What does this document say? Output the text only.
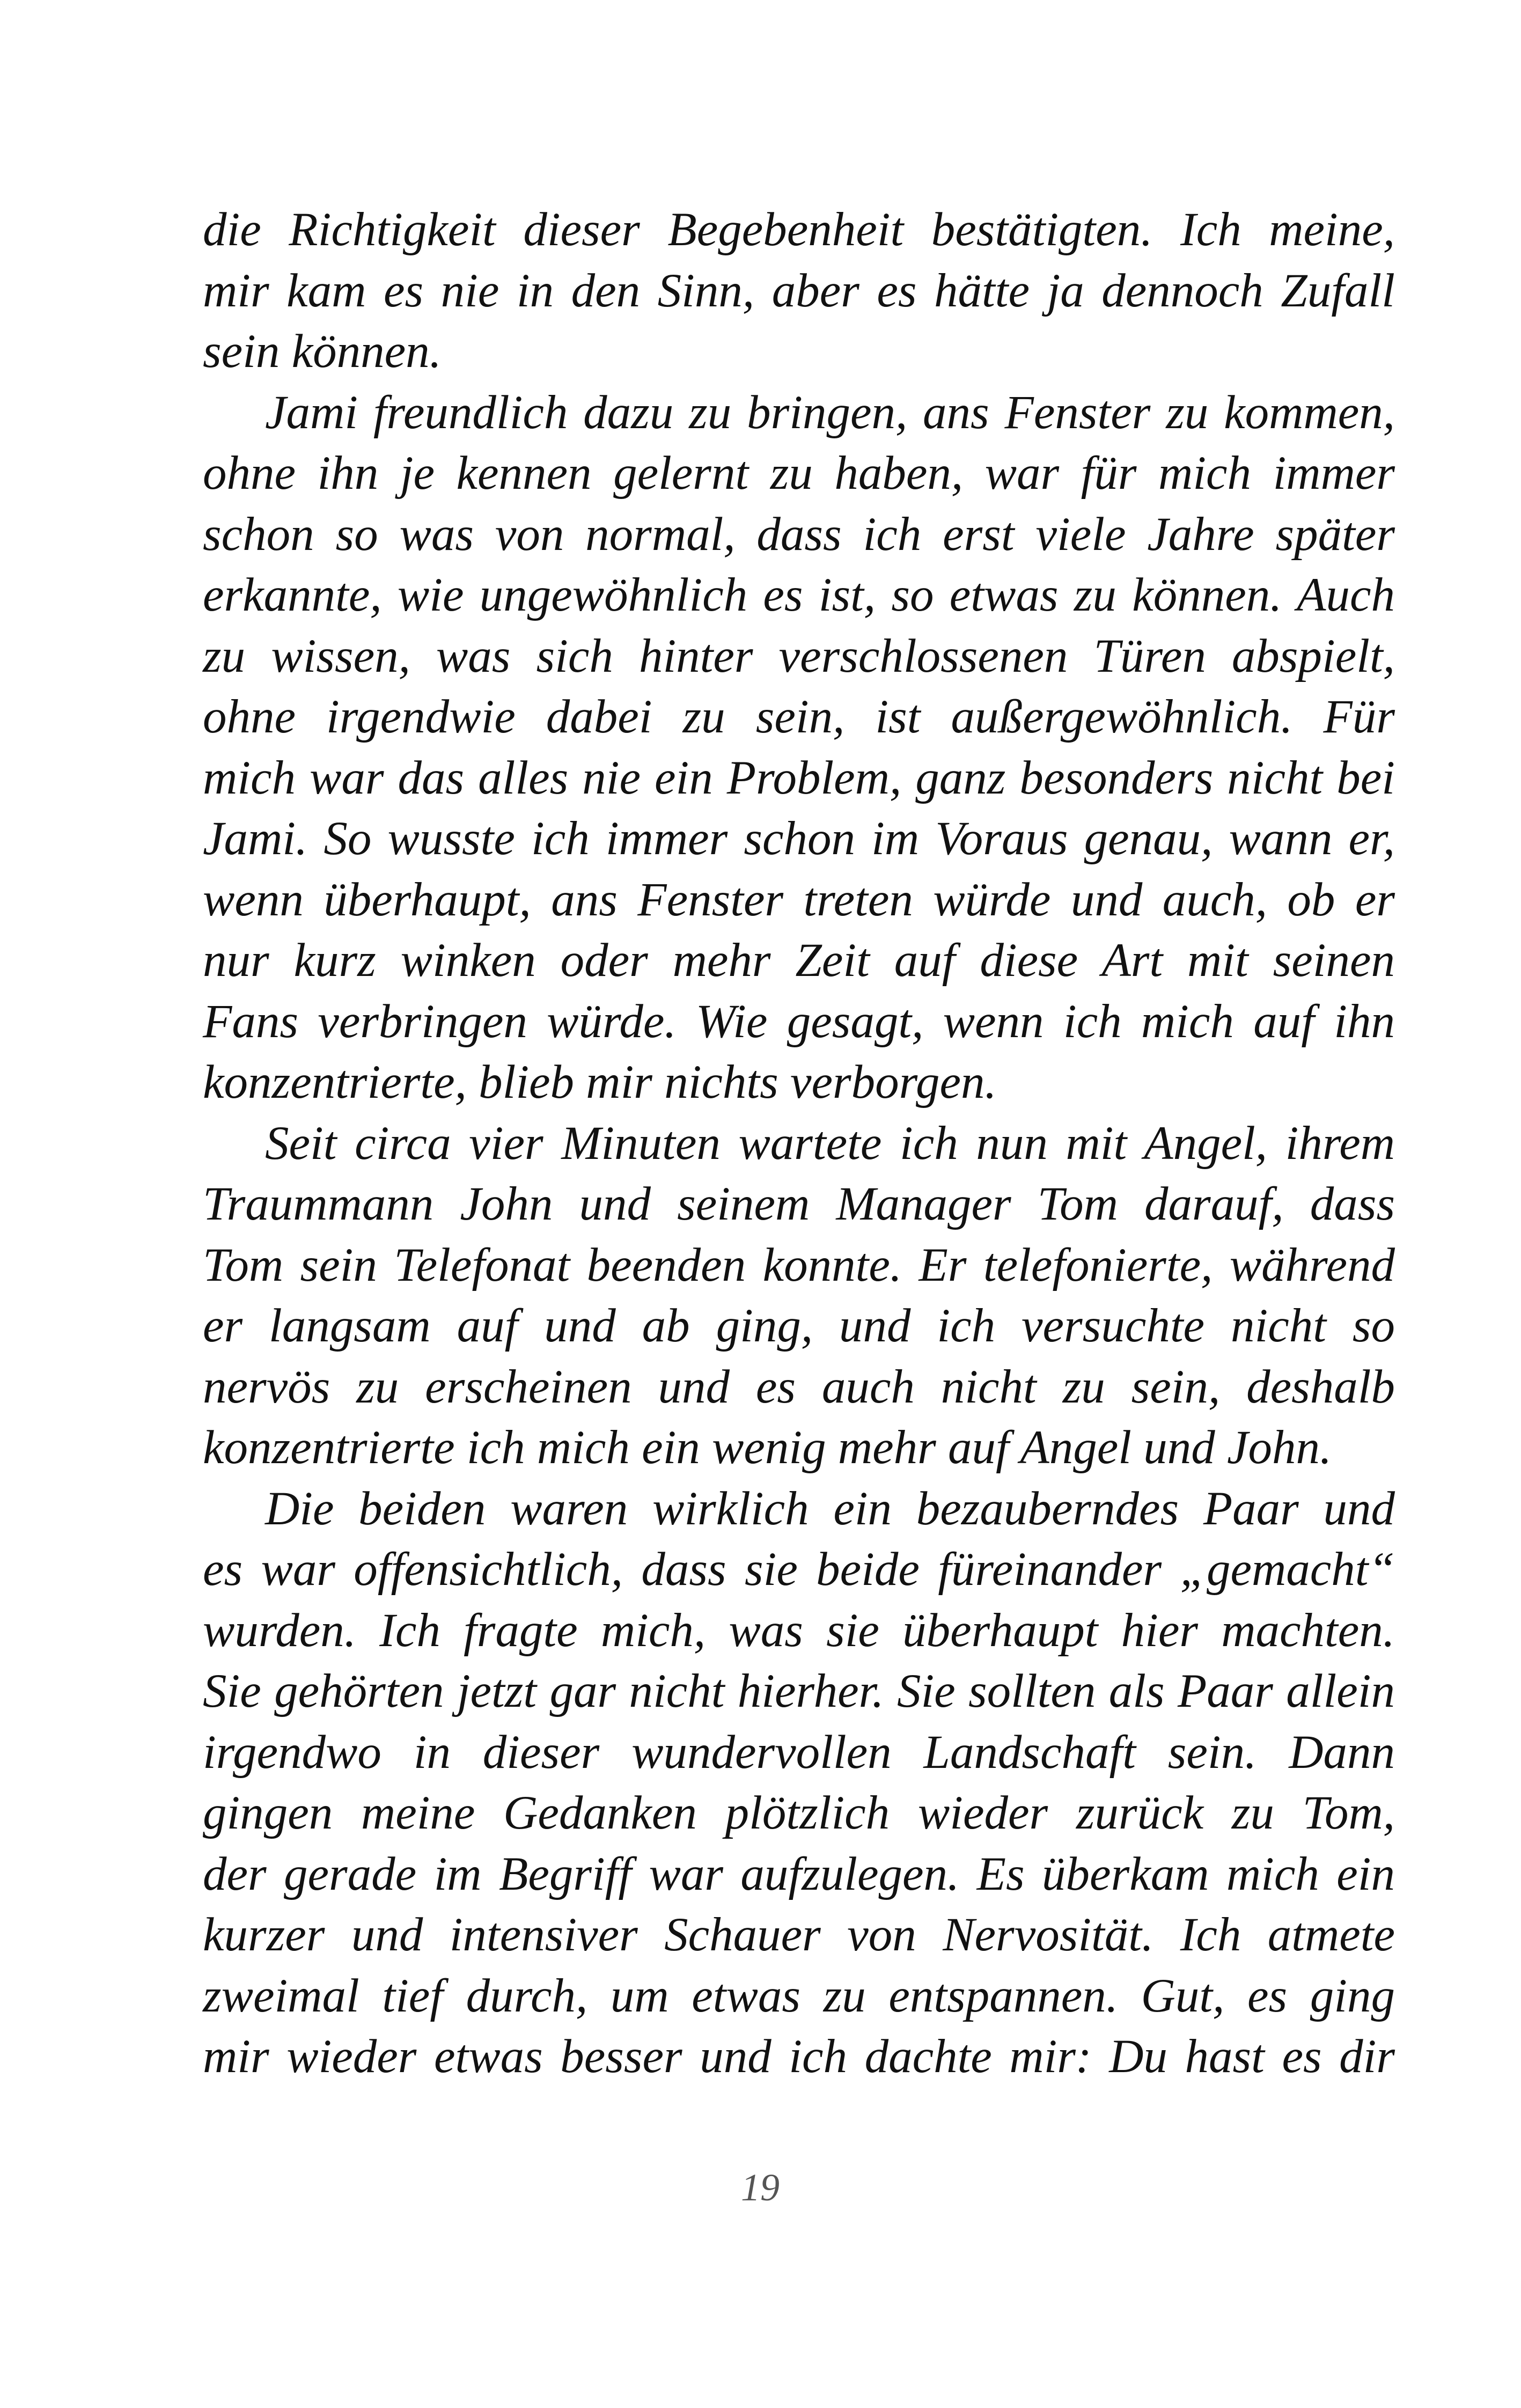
die Richtigkeit dieser Begebenheit bestätigten. Ich meine,
mir kam es nie in den Sinn, aber es hätte ja dennoch Zufall
sein können.

Jami freundlich dazu zu bringen, ans Fenster zu kommen,
ohne ihn je kennen gelernt zu haben, war für mich immer
schon so was von normal, dass ich erst viele Jahre später
erkannte, wie ungewöhnlich es ist, so etwas zu können. Auch
zu wissen, was sich hinter verschlossenen Türen abspielt,
ohne irgendwie dabei zu sein, ist außergewöhnlich. Für
mich war das alles nie ein Problem, ganz besonders nicht bei
Jami. So wusste ich immer schon im Voraus genau, wann er,
wenn überhaupt, ans Fenster treten würde und auch, ob er
nur kurz winken oder mehr Zeit auf diese Art mit seinen
Fans verbringen würde. Wie gesagt, wenn ich mich auf ihn
konzentrierte, blieb mir nichts verborgen.

Seit circa vier Minuten wartete ich nun mit Angel, ihrem
Traummann John und seinem Manager Tom darauf, dass
Tom sein Telefonat beenden konnte. Er telefonierte, während
er langsam auf und ab ging, und ich versuchte nicht so
nervös zu erscheinen und es auch nicht zu sein, deshalb
konzentrierte ich mich ein wenig mehr auf Angel und John.

Die beiden waren wirklich ein bezauberndes Paar und
es war offensichtlich, dass sie beide füreinander „gemacht“
wurden. Ich fragte mich, was sie überhaupt hier machten.
Sie gehörten jetzt gar nicht hierher. Sie sollten als Paar allein
irgendwo in dieser wundervollen Landschaft sein. Dann
gingen meine Gedanken plötzlich wieder zurück zu Tom,
der gerade im Begriff war aufzulegen. Es überkam mich ein
kurzer und intensiver Schauer von Nervosität. Ich atmete
zweimal tief durch, um etwas zu entspannen. Gut, es ging
mir wieder etwas besser und ich dachte mir: Du hast es dir

19
